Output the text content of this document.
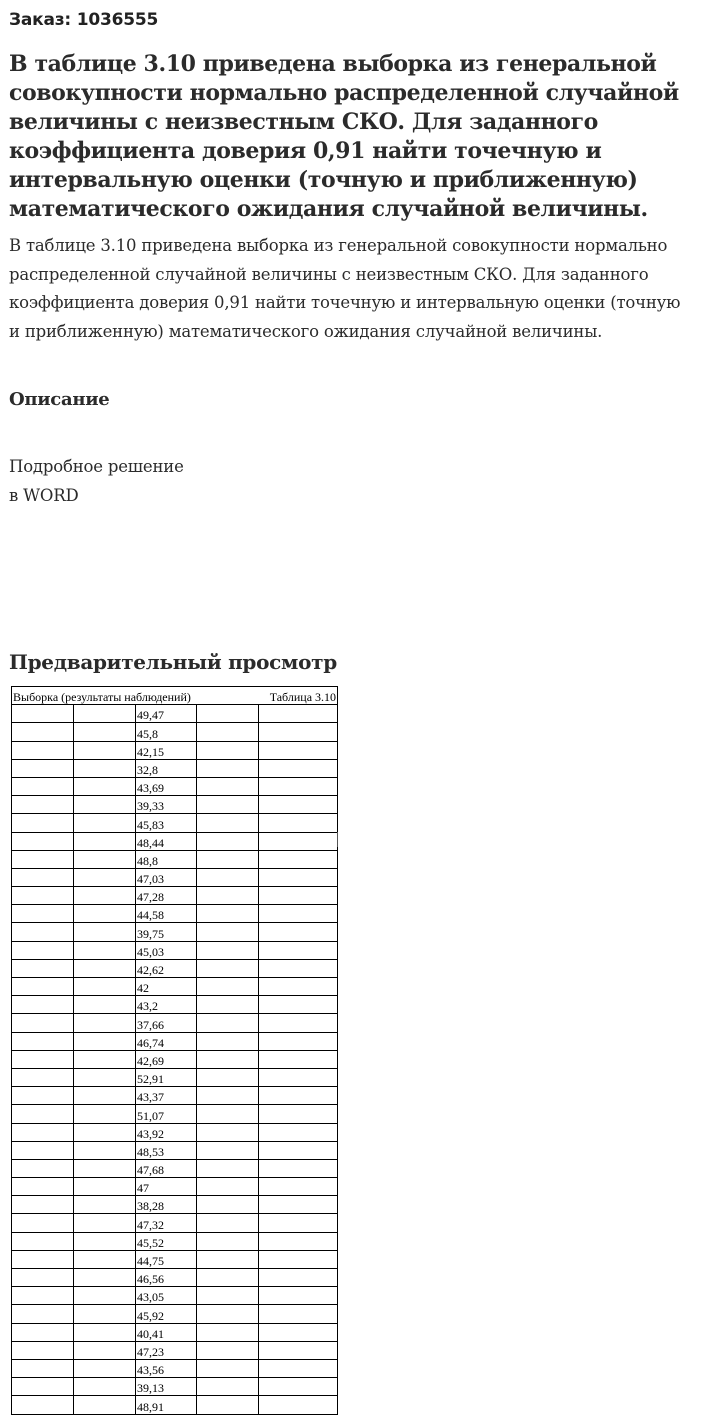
Заказ: 1036555
В таблице 3.10 приведена выборка из генеральной совокупности нормально распределенной случайной величины с неизвестным СКО. Для заданного коэффициента доверия 0,91 найти точечную и интервальную оценки (точную и приближенную) математического ожидания случайной величины.

В таблице 3.10 приведена выборка из генеральной совокупности нормально распределенной случайной величины с неизвестным СКО. Для заданного коэффициента доверия 0,91 найти точечную и интервальную оценки (точную и приближенную) математического ожидания случайной величины.

Описание
Подробное решение
в WORD
Предварительный просмотр
Выборка (результаты наблюдений) Таблица 3.10				

		49,47		
		45,8		
		42,15		
		32,8		
		43,69		
		39,33		
		45,83		
		48,44		
		48,8		
		47,03		
		47,28		
		44,58		
		39,75		
		45,03		
		42,62		
		42		
		43,2		
		37,66		
		46,74		
		42,69		
		52,91		
		43,37		
		51,07		
		43,92		
		48,53		
		47,68		
		47		
		38,28		
		47,32		
		45,52		
		44,75		
		46,56		
		43,05		
		45,92		
		40,41		
		47,23		
		43,56		
		39,13		
		48,91		
